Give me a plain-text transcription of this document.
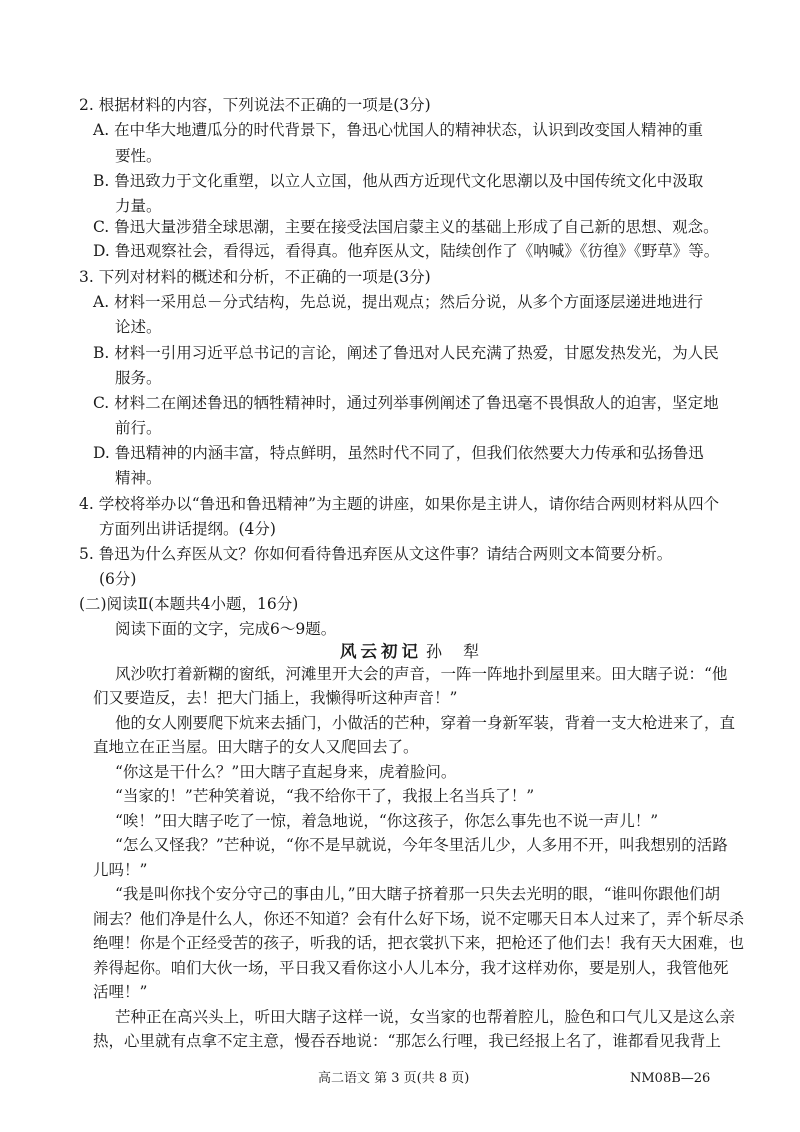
2. 根据材料的内容，下列说法不正确的一项是(3分)
A. 在中华大地遭瓜分的时代背景下，鲁迅心忧国人的精神状态，认识到改变国人精神的重
要性。
B. 鲁迅致力于文化重塑，以立人立国，他从西方近现代文化思潮以及中国传统文化中汲取
力量。
C. 鲁迅大量涉猎全球思潮，主要在接受法国启蒙主义的基础上形成了自己新的思想、观念。
D. 鲁迅观察社会，看得远，看得真。他弃医从文，陆续创作了《呐喊》《彷徨》《野草》等。
3. 下列对材料的概述和分析，不正确的一项是(3分)
A. 材料一采用总－分式结构，先总说，提出观点；然后分说，从多个方面逐层递进地进行
论述。
B. 材料一引用习近平总书记的言论，阐述了鲁迅对人民充满了热爱，甘愿发热发光，为人民
服务。
C. 材料二在阐述鲁迅的牺牲精神时，通过列举事例阐述了鲁迅毫不畏惧敌人的迫害，坚定地
前行。
D. 鲁迅精神的内涵丰富，特点鲜明，虽然时代不同了，但我们依然要大力传承和弘扬鲁迅
精神。
4. 学校将举办以“鲁迅和鲁迅精神”为主题的讲座，如果你是主讲人，请你结合两则材料从四个
方面列出讲话提纲。(4分)
5. 鲁迅为什么弃医从文？你如何看待鲁迅弃医从文这件事？请结合两则文本简要分析。
(6分)
(二)阅读Ⅱ(本题共4小题，16分)
阅读下面的文字，完成6～9题。
风云初记 孙 犁
风沙吹打着新糊的窗纸，河滩里开大会的声音，一阵一阵地扑到屋里来。田大瞎子说：“他
们又要造反，去！把大门插上，我懒得听这种声音！”
他的女人刚要爬下炕来去插门，小做活的芒种，穿着一身新军装，背着一支大枪进来了，直
直地立在正当屋。田大瞎子的女人又爬回去了。
“你这是干什么？”田大瞎子直起身来，虎着脸问。
“当家的！”芒种笑着说，“我不给你干了，我报上名当兵了！”
“唉！”田大瞎子吃了一惊，着急地说，“你这孩子，你怎么事先也不说一声儿！”
“怎么又怪我？”芒种说，“你不是早就说，今年冬里活儿少，人多用不开，叫我想别的活路
儿吗！”
“我是叫你找个安分守己的事由儿，”田大瞎子挤着那一只失去光明的眼，“谁叫你跟他们胡
闹去？他们净是什么人，你还不知道？会有什么好下场，说不定哪天日本人过来了，弄个斩尽杀
绝哩！你是个正经受苦的孩子，听我的话，把衣裳扒下来，把枪还了他们去！我有天大困难，也
养得起你。咱们大伙一场，平日我又看你这小人儿本分，我才这样劝你，要是别人，我管他死
活哩！”
芒种正在高兴头上，听田大瞎子这样一说，女当家的也帮着腔儿，脸色和口气儿又是这么亲
热，心里就有点拿不定主意，慢吞吞地说：“那怎么行哩，我已经报上名了，谁都看见我背上
高二语文 第 3 页(共 8 页)	NM08B—26
